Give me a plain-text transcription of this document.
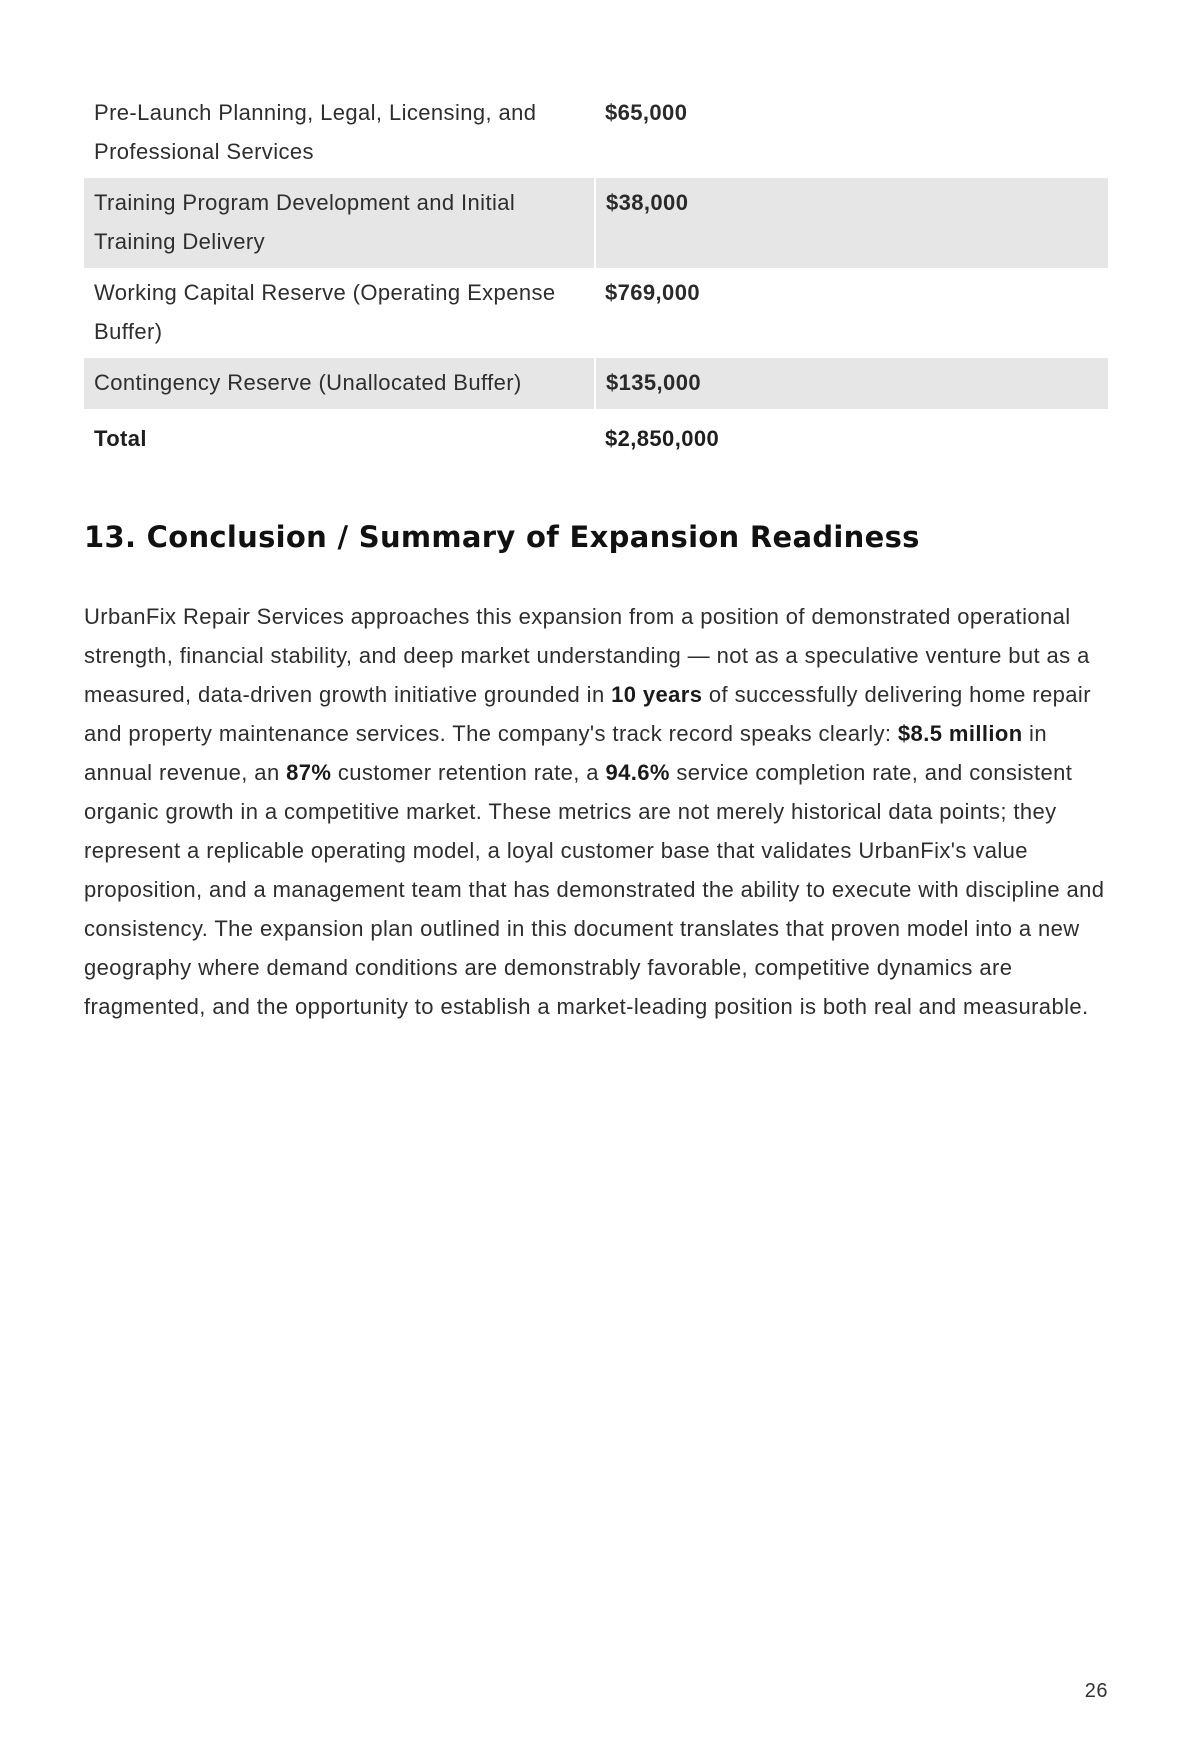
Pre-Launch Planning, Legal, Licensing, and Professional Services	$65,000
Training Program Development and Initial Training Delivery	$38,000
Working Capital Reserve (Operating Expense Buffer)	$769,000
Contingency Reserve (Unallocated Buffer)	$135,000
Total	$2,850,000
13. Conclusion / Summary of Expansion Readiness

UrbanFix Repair Services approaches this expansion from a position of demonstrated operational strength, financial stability, and deep market understanding — not as a speculative venture but as a measured, data-driven growth initiative grounded in 10 years of successfully delivering home repair and property maintenance services. The company's track record speaks clearly: $8.5 million in annual revenue, an 87% customer retention rate, a 94.6% service completion rate, and consistent organic growth in a competitive market. These metrics are not merely historical data points; they represent a replicable operating model, a loyal customer base that validates UrbanFix's value proposition, and a management team that has demonstrated the ability to execute with discipline and consistency. The expansion plan outlined in this document translates that proven model into a new geography where demand conditions are demonstrably favorable, competitive dynamics are fragmented, and the opportunity to establish a market-leading position is both real and measurable.

26
